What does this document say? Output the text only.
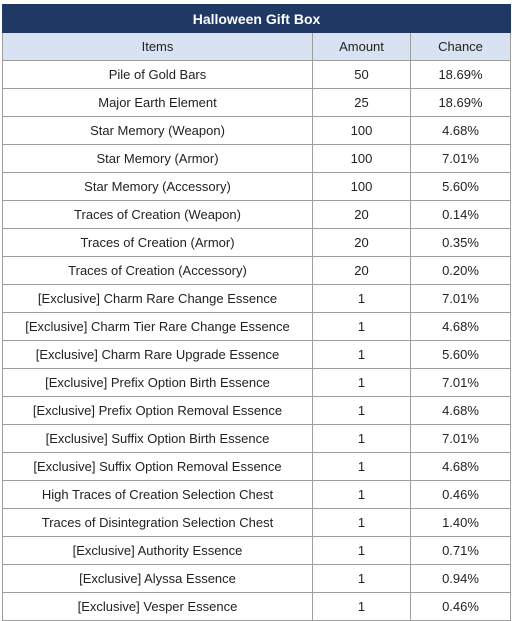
Halloween Gift Box		
Items	Amount	Chance
Pile of Gold Bars	50	18.69%
Major Earth Element	25	18.69%
Star Memory (Weapon)	100	4.68%
Star Memory (Armor)	100	7.01%
Star Memory (Accessory)	100	5.60%
Traces of Creation (Weapon)	20	0.14%
Traces of Creation (Armor)	20	0.35%
Traces of Creation (Accessory)	20	0.20%
[Exclusive] Charm Rare Change Essence	1	7.01%
[Exclusive] Charm Tier Rare Change Essence	1	4.68%
[Exclusive] Charm Rare Upgrade Essence	1	5.60%
[Exclusive] Prefix Option Birth Essence	1	7.01%
[Exclusive] Prefix Option Removal Essence	1	4.68%
[Exclusive] Suffix Option Birth Essence	1	7.01%
[Exclusive] Suffix Option Removal Essence	1	4.68%
High Traces of Creation Selection Chest	1	0.46%
Traces of Disintegration Selection Chest	1	1.40%
[Exclusive] Authority Essence	1	0.71%
[Exclusive] Alyssa Essence	1	0.94%
[Exclusive] Vesper Essence	1	0.46%
